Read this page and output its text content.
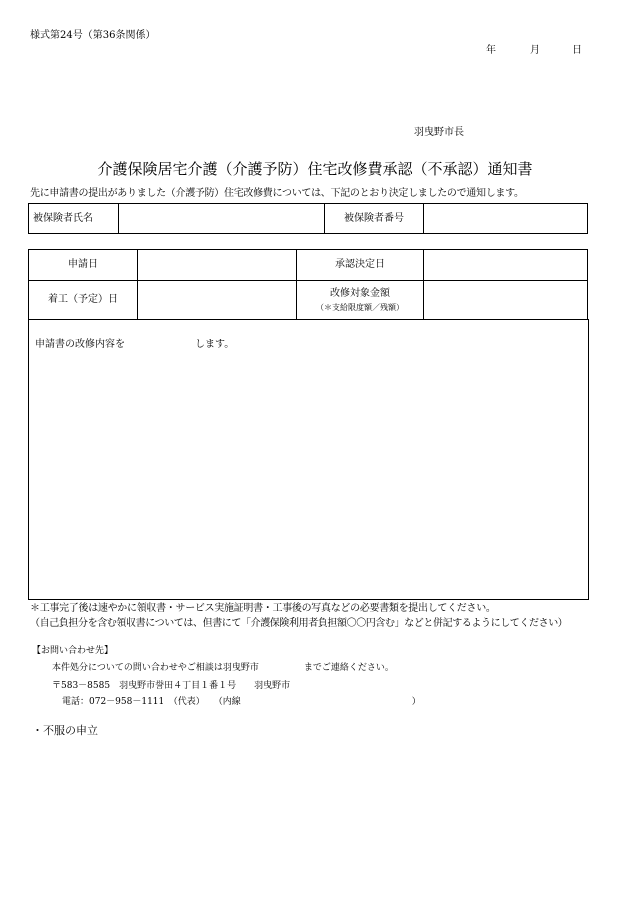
様式第24号（第36条関係）
年	月	日
羽曳野市長
介護保険居宅介護（介護予防）住宅改修費承認（不承認）通知書
先に申請書の提出がありました（介護予防）住宅改修費については、下記のとおり決定しましたので通知します。
被保険者氏名		被保険者番号	
申請日		承認決定日	
着工（予定）日		改修対象金額
（＊支給限度額／残額）	

申請書の改修内容を　　　　　　　します。
＊工事完了後は速やかに領収書・サービス実施証明書・工事後の写真などの必要書類を提出してください。
（自己負担分を含む領収書については、但書にて「介護保険利用者負担額〇〇円含む」などと併記するようにしてください）
【お問い合わせ先】
本件処分についての問い合わせやご相談は羽曳野市　　　　　までご連絡ください。
〒583－8585　羽曳野市誉田４丁目１番１号　　羽曳野市
電話：072－958－1111　（代表）　　（内線　　　　　　　　　　　　　　　　　　　）
・不服の申立
